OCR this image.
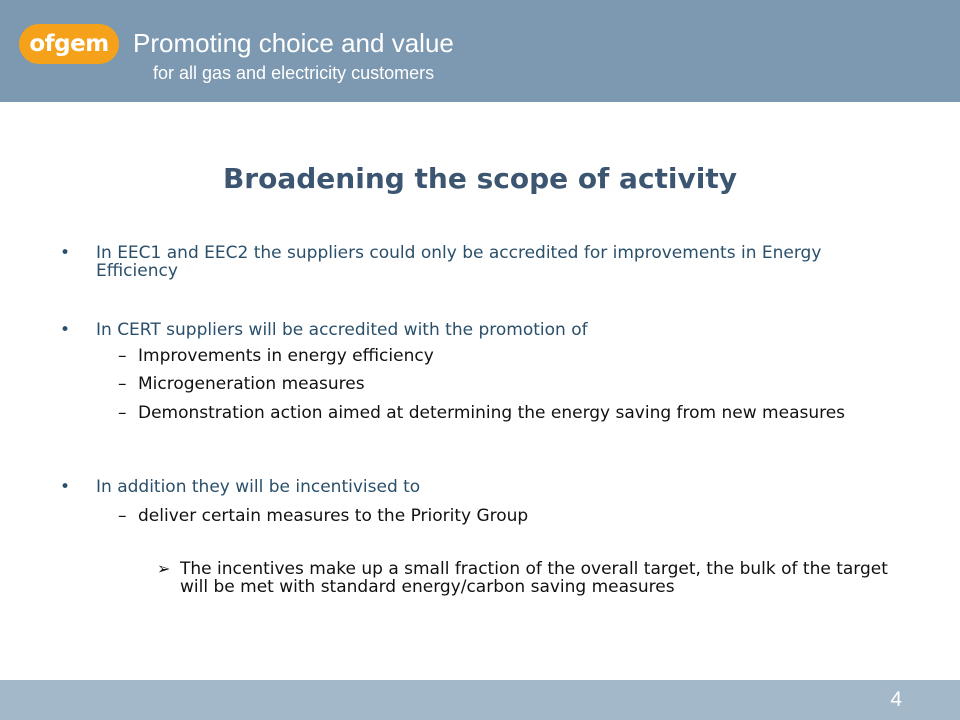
ofgem Promoting choice and value
for all gas and electricity customers
Broadening the scope of activity
• In EEC1 and EEC2 the suppliers could only be accredited for improvements in Energy Efficiency
• In CERT suppliers will be accredited with the promotion of
– Improvements in energy efficiency
– Microgeneration measures
– Demonstration action aimed at determining the energy saving from new measures
• In addition they will be incentivised to
– deliver certain measures to the Priority Group
➢ The incentives make up a small fraction of the overall target, the bulk of the target will be met with standard energy/carbon saving measures
4
